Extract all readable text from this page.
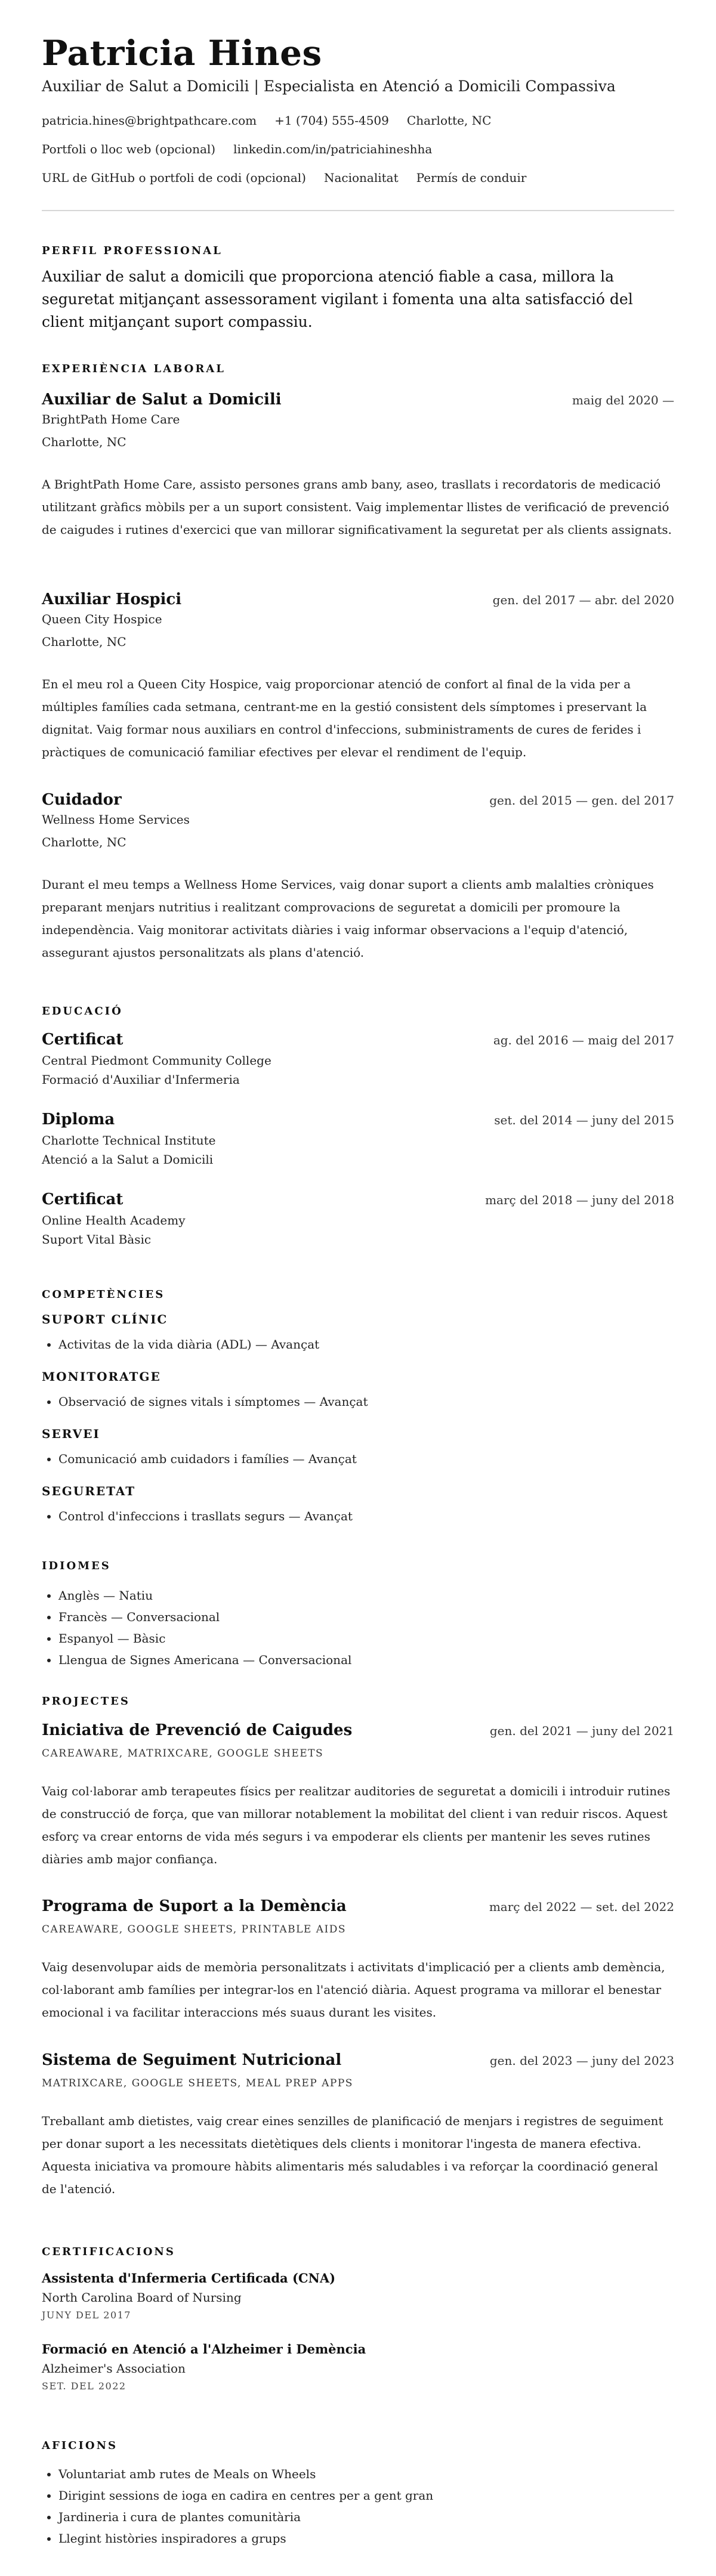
Patricia Hines
Auxiliar de Salut a Domicili | Especialista en Atenció a Domicili Compassiva
patricia.hines@brightpathcare.com +1 (704) 555-4509 Charlotte, NC
Portfoli o lloc web (opcional) linkedin.com/in/patriciahineshha
URL de GitHub o portfoli de codi (opcional) Nacionalitat Permís de conduir
PERFIL PROFESSIONAL
Auxiliar de salut a domicili que proporciona atenció fiable a casa, millora la seguretat mitjançant assessorament vigilant i fomenta una alta satisfacció del client mitjançant suport compassiu.
EXPERIÈNCIA LABORAL
Auxiliar de Salut a Domicili	maig del 2020 —
BrightPath Home Care
Charlotte, NC
A BrightPath Home Care, assisto persones grans amb bany, aseo, trasllats i recordatoris de medicació utilitzant gràfics mòbils per a un suport consistent. Vaig implementar llistes de verificació de prevenció de caigudes i rutines d'exercici que van millorar significativament la seguretat per als clients assignats.
Auxiliar Hospici	gen. del 2017 — abr. del 2020
Queen City Hospice
Charlotte, NC
En el meu rol a Queen City Hospice, vaig proporcionar atenció de confort al final de la vida per a múltiples famílies cada setmana, centrant-me en la gestió consistent dels símptomes i preservant la dignitat. Vaig formar nous auxiliars en control d'infeccions, subministraments de cures de ferides i pràctiques de comunicació familiar efectives per elevar el rendiment de l'equip.
Cuidador	gen. del 2015 — gen. del 2017
Wellness Home Services
Charlotte, NC
Durant el meu temps a Wellness Home Services, vaig donar suport a clients amb malalties cròniques preparant menjars nutritius i realitzant comprovacions de seguretat a domicili per promoure la independència. Vaig monitorar activitats diàries i vaig informar observacions a l'equip d'atenció, assegurant ajustos personalitzats als plans d'atenció.
EDUCACIÓ
Certificat	ag. del 2016 — maig del 2017
Central Piedmont Community College
Formació d'Auxiliar d'Infermeria
Diploma	set. del 2014 — juny del 2015
Charlotte Technical Institute
Atenció a la Salut a Domicili
Certificat	març del 2018 — juny del 2018
Online Health Academy
Suport Vital Bàsic
COMPETÈNCIES
SUPORT CLÍNIC
• Activitas de la vida diària (ADL) — Avançat
MONITORATGE
• Observació de signes vitals i símptomes — Avançat
SERVEI
• Comunicació amb cuidadors i famílies — Avançat
SEGURETAT
• Control d'infeccions i trasllats segurs — Avançat
IDIOMES
• Anglès — Natiu
• Francès — Conversacional
• Espanyol — Bàsic
• Llengua de Signes Americana — Conversacional
PROJECTES
Iniciativa de Prevenció de Caigudes	gen. del 2021 — juny del 2021
CAREAWARE, MATRIXCARE, GOOGLE SHEETS
Vaig col·laborar amb terapeutes físics per realitzar auditories de seguretat a domicili i introduir rutines de construcció de força, que van millorar notablement la mobilitat del client i van reduir riscos. Aquest esforç va crear entorns de vida més segurs i va empoderar els clients per mantenir les seves rutines diàries amb major confiança.
Programa de Suport a la Demència	març del 2022 — set. del 2022
CAREAWARE, GOOGLE SHEETS, PRINTABLE AIDS
Vaig desenvolupar aids de memòria personalitzats i activitats d'implicació per a clients amb demència, col·laborant amb famílies per integrar-los en l'atenció diària. Aquest programa va millorar el benestar emocional i va facilitar interaccions més suaus durant les visites.
Sistema de Seguiment Nutricional	gen. del 2023 — juny del 2023
MATRIXCARE, GOOGLE SHEETS, MEAL PREP APPS
Treballant amb dietistes, vaig crear eines senzilles de planificació de menjars i registres de seguiment per donar suport a les necessitats dietètiques dels clients i monitorar l'ingesta de manera efectiva. Aquesta iniciativa va promoure hàbits alimentaris més saludables i va reforçar la coordinació general de l'atenció.
CERTIFICACIONS
Assistenta d'Infermeria Certificada (CNA)
North Carolina Board of Nursing
JUNY DEL 2017
Formació en Atenció a l'Alzheimer i Demència
Alzheimer's Association
SET. DEL 2022
AFICIONS
• Voluntariat amb rutes de Meals on Wheels
• Dirigint sessions de ioga en cadira en centres per a gent gran
• Jardineria i cura de plantes comunitària
• Llegint històries inspiradores a grups
